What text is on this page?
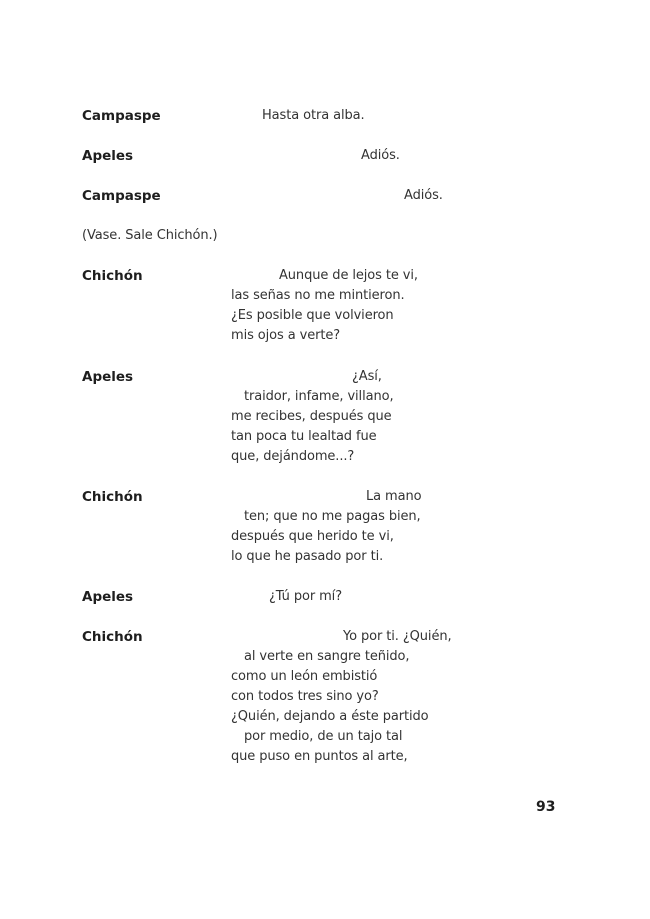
Campaspe	Hasta otra alba.
Apeles	Adiós.
Campaspe	Adiós.
(Vase. Sale Chichón.)
Chichón	Aunque de lejos te vi,
las señas no me mintieron.
¿Es posible que volvieron
mis ojos a verte?
Apeles	¿Así,
traidor, infame, villano,
me recibes, después que
tan poca tu lealtad fue
que, dejándome...?
Chichón	La mano
ten; que no me pagas bien,
después que herido te vi,
lo que he pasado por ti.
Apeles	¿Tú por mí?
Chichón	Yo por ti. ¿Quién,
al verte en sangre teñido,
como un león embistió
con todos tres sino yo?
¿Quién, dejando a éste partido
por medio, de un tajo tal
que puso en puntos al arte,
93
